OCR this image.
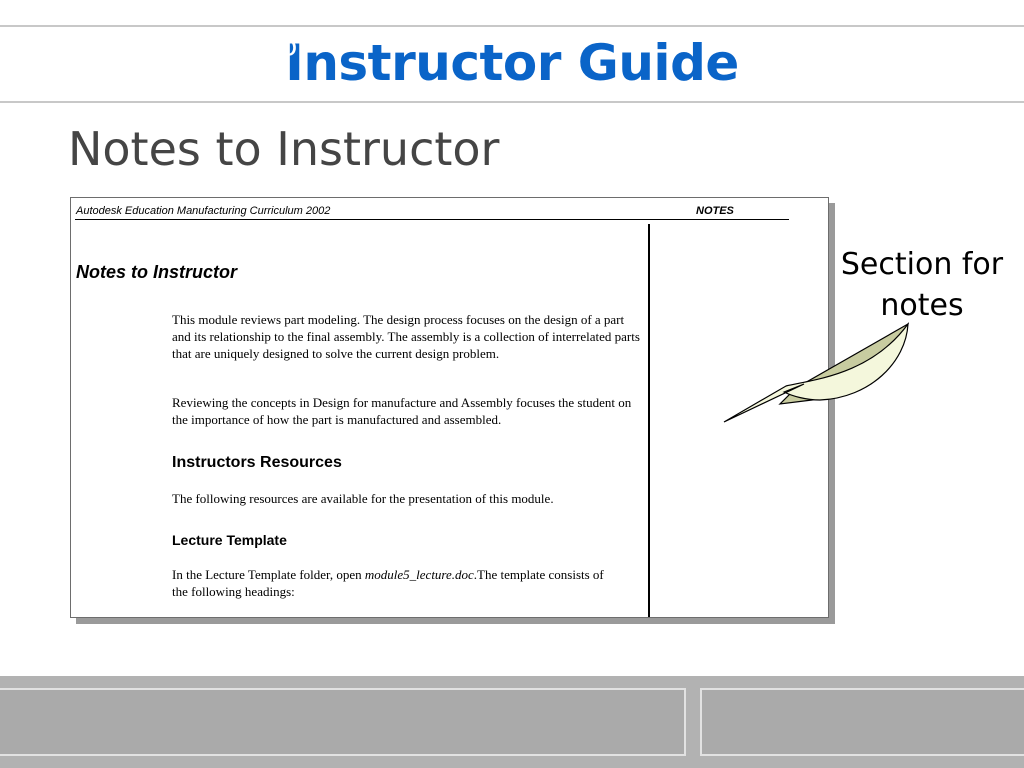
Instructor Guide
Notes to Instructor
Autodesk Education Manufacturing Curriculum 2002	NOTES
Notes to Instructor
This module reviews part modeling. The design process focuses on the design of a part and its relationship to the final assembly. The assembly is a collection of interrelated parts that are uniquely designed to solve the current design problem.
Reviewing the concepts in Design for manufacture and Assembly focuses the student on the importance of how the part is manufactured and assembled.
Instructors Resources
The following resources are available for the presentation of this module.
Lecture Template
In the Lecture Template folder, open module5_lecture.doc.The template consists of the following headings:
Section for
notes
Autodesk Inventor	autodesk®
